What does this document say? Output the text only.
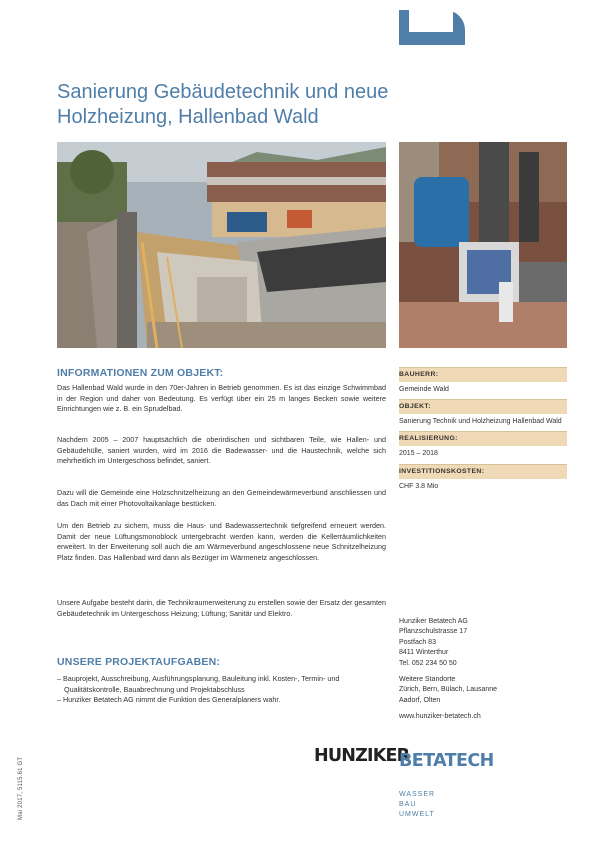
Sanierung Gebäudetechnik und neue Holzheizung, Hallenbad Wald
INFORMATIONEN ZUM OBJEKT:

Das Hallenbad Wald wurde in den 70er-Jahren in Betrieb genommen. Es ist das einzige Schwimmbad in der Region und daher von Bedeutung. Es verfügt über ein 25 m langes Becken sowie weitere Einrichtungen wie z. B. ein Sprudelbad.

Nachdem 2005 – 2007 hauptsächlich die oberirdischen und sichtbaren Teile, wie Hallen- und Gebäudehülle, saniert wurden, wird im 2016 die Badewasser- und die Haustechnik, welche sich mehrheitlich im Untergeschoss befindet, saniert.

Dazu will die Gemeinde eine Holzschnitzelheizung an den Gemeindewärmeverbund anschliessen und das Dach mit einer Photovoltaikanlage bestücken.

Um den Betrieb zu sichern, muss die Haus- und Badewassertechnik tiefgreifend erneuert werden. Damit der neue Lüftungsmonoblock untergebracht werden kann, werden die Kellerräumlichkeiten erweitert. In der Erweiterung soll auch die am Wärmeverbund angeschlossene neue Schnitzelheizung Platz finden. Das Hallenbad wird dann als Bezüger im Wärmenetz angeschlossen.

Unsere Aufgabe besteht darin, die Technikraumerweiterung zu erstellen sowie der Ersatz der gesamten Gebäudetechnik im Untergeschoss Heizung; Lüftung; Sanitär und Elektro.

UNSERE PROJEKTAUFGABEN:
– Bauprojekt, Ausschreibung, Ausführungsplanung, Bauleitung inkl. Kosten-, Termin- und Qualitätskontrolle, Bauabrechnung und Projektabschluss
– Hunziker Betatech AG nimmt die Funktion des Generalplaners wahr.
BAUHERR:
Gemeinde Wald
OBJEKT:
Sanierung Technik und Holzheizung Hallenbad Wald
REALISIERUNG:
2015 – 2018
INVESTITIONSKOSTEN:
CHF 3.8 Mio
Hunziker Betatech AG
Pflanzschulstrasse 17
Postfach 83
8411 Winterthur
Tel. 052 234 50 50
Weitere Standorte
Zürich, Bern, Bülach, Lausanne
Aadorf, Olten
www.hunziker-betatech.ch
HUNZIKER
BETATECH
WASSER
BAU
UMWELT
Mai 2017, 5115.61 GT
